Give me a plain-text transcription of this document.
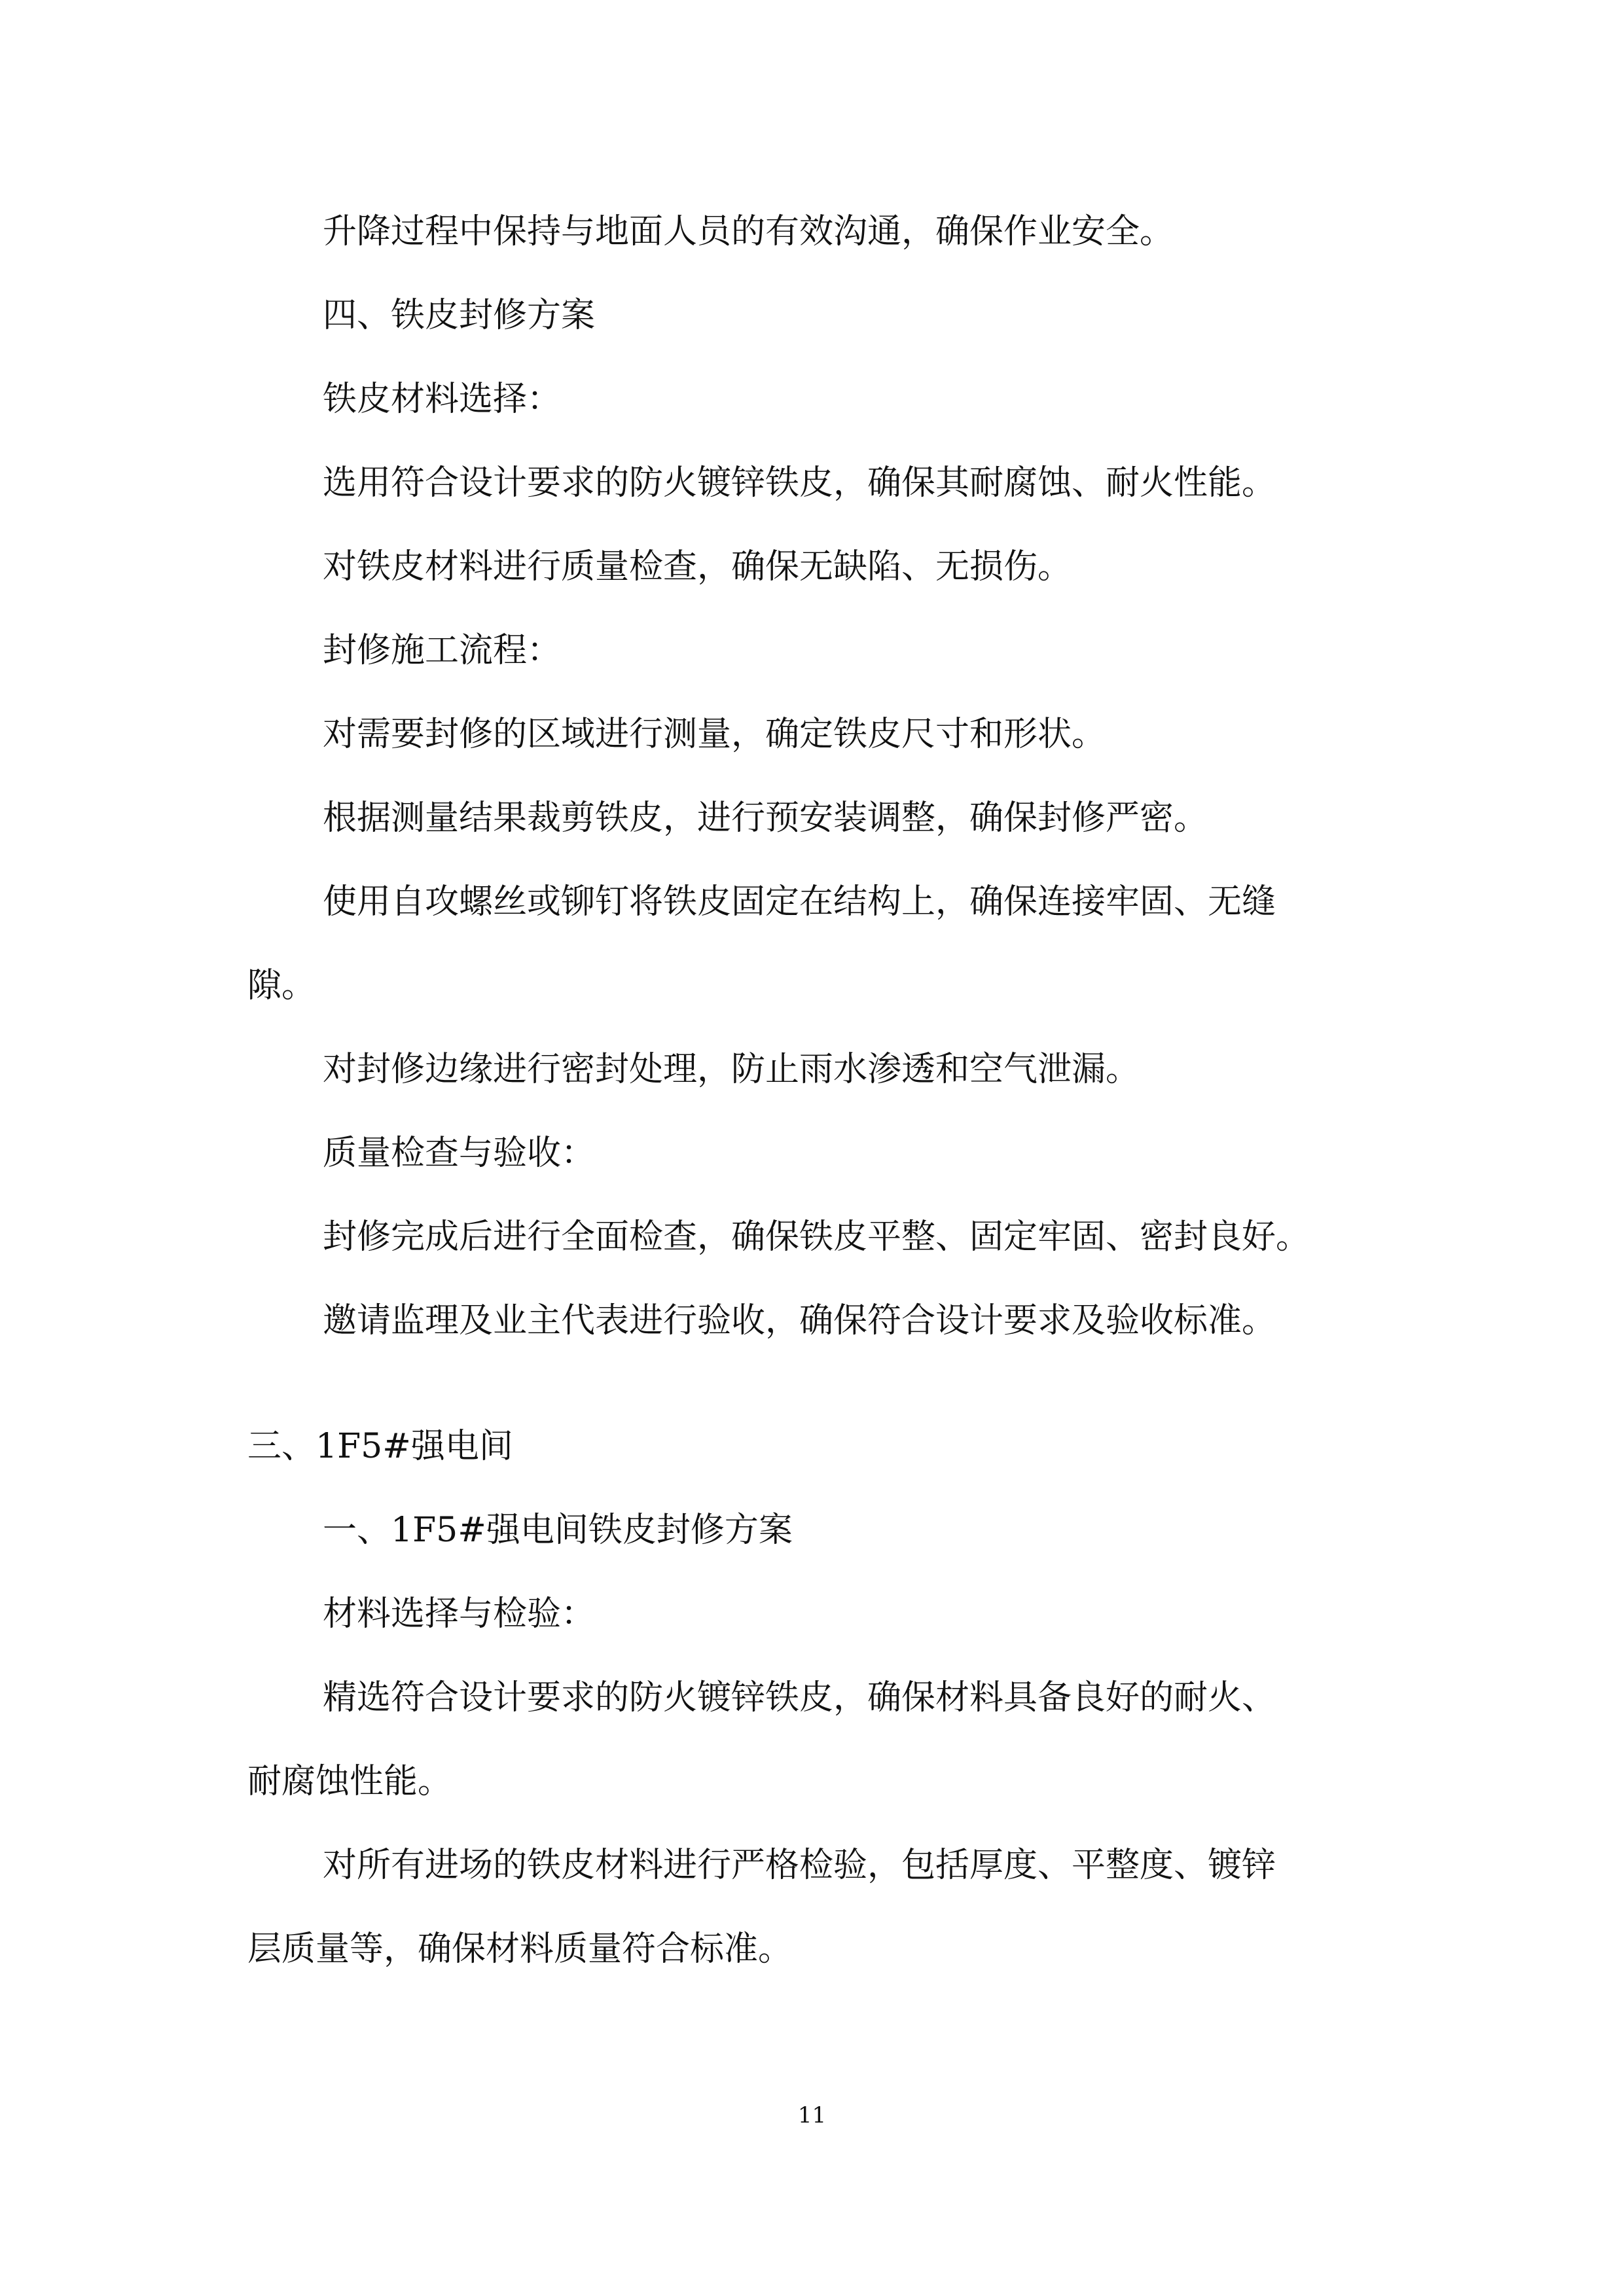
升降过程中保持与地面人员的有效沟通，确保作业安全。
四、铁皮封修方案
铁皮材料选择：
选用符合设计要求的防火镀锌铁皮，确保其耐腐蚀、耐火性能。
对铁皮材料进行质量检查，确保无缺陷、无损伤。
封修施工流程：
对需要封修的区域进行测量，确定铁皮尺寸和形状。
根据测量结果裁剪铁皮，进行预安装调整，确保封修严密。
使用自攻螺丝或铆钉将铁皮固定在结构上，确保连接牢固、无缝
隙。
对封修边缘进行密封处理，防止雨水渗透和空气泄漏。
质量检查与验收：
封修完成后进行全面检查，确保铁皮平整、固定牢固、密封良好。
邀请监理及业主代表进行验收，确保符合设计要求及验收标准。
三、1F5#强电间
一、1F5#强电间铁皮封修方案
材料选择与检验：
精选符合设计要求的防火镀锌铁皮，确保材料具备良好的耐火、
耐腐蚀性能。
对所有进场的铁皮材料进行严格检验，包括厚度、平整度、镀锌
层质量等，确保材料质量符合标准。
11
